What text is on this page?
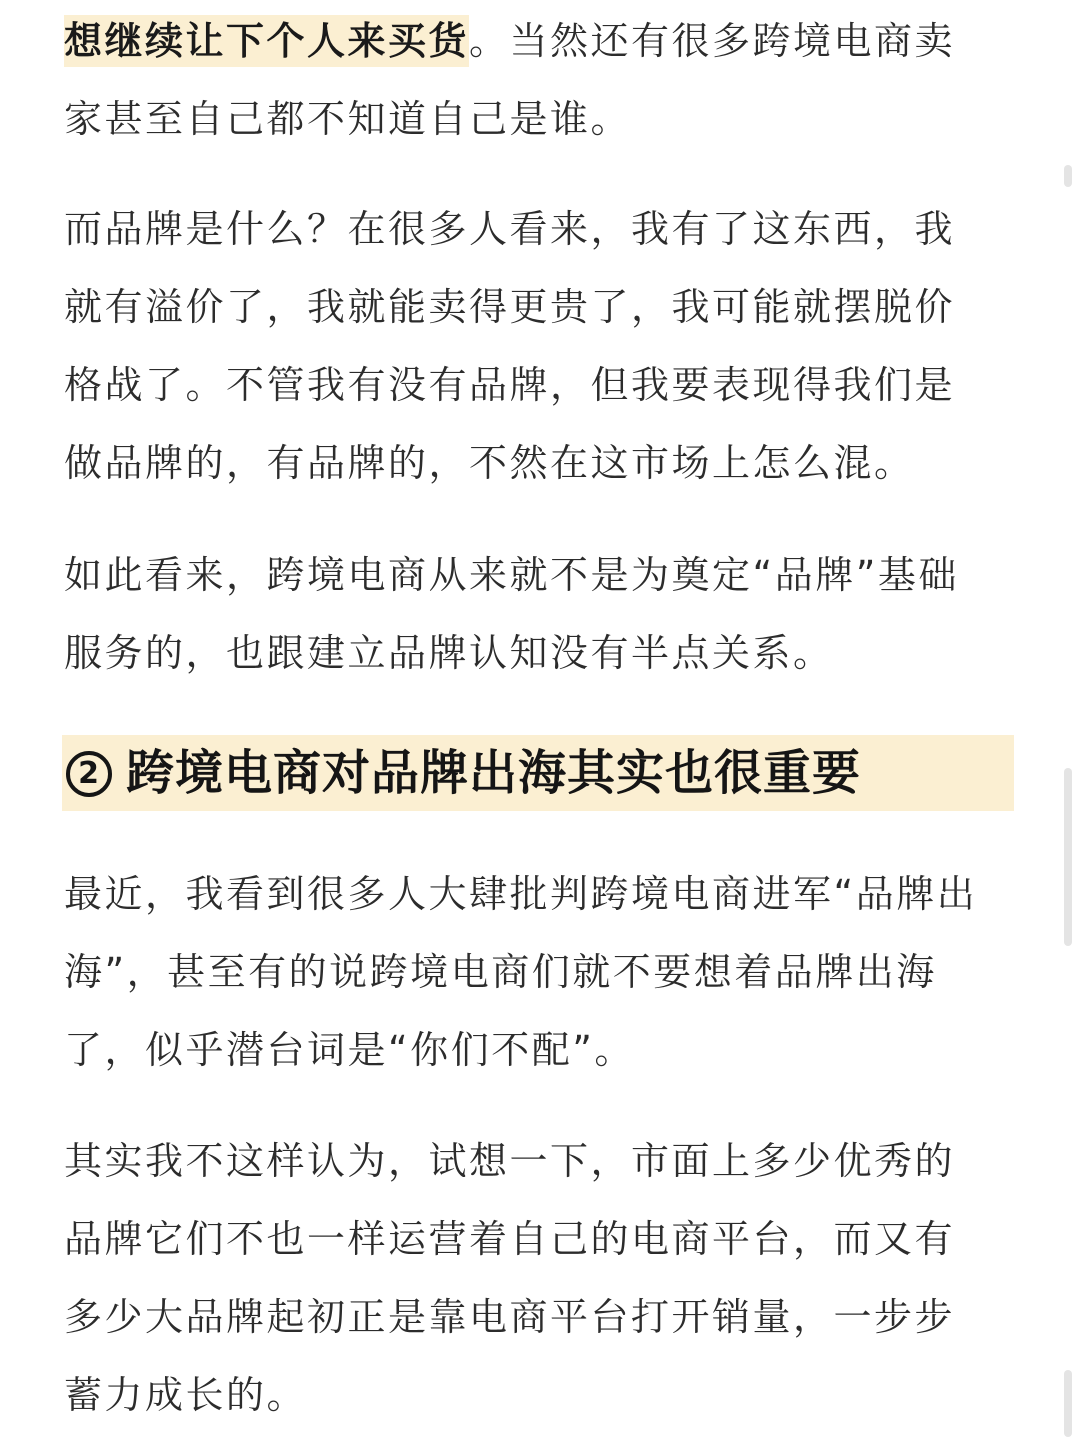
想继续让下个人来买货。当然还有很多跨境电商卖
家甚至自己都不知道自己是谁。

而品牌是什么？在很多人看来，我有了这东西，我
就有溢价了，我就能卖得更贵了，我可能就摆脱价
格战了。不管我有没有品牌，但我要表现得我们是
做品牌的，有品牌的，不然在这市场上怎么混。

如此看来，跨境电商从来就不是为奠定“品牌”基础
服务的，也跟建立品牌认知没有半点关系。

2 跨境电商对品牌出海其实也很重要

最近，我看到很多人大肆批判跨境电商进军“品牌出
海”，甚至有的说跨境电商们就不要想着品牌出海
了，似乎潜台词是“你们不配”。

其实我不这样认为，试想一下，市面上多少优秀的
品牌它们不也一样运营着自己的电商平台，而又有
多少大品牌起初正是靠电商平台打开销量，一步步
蓄力成长的。
